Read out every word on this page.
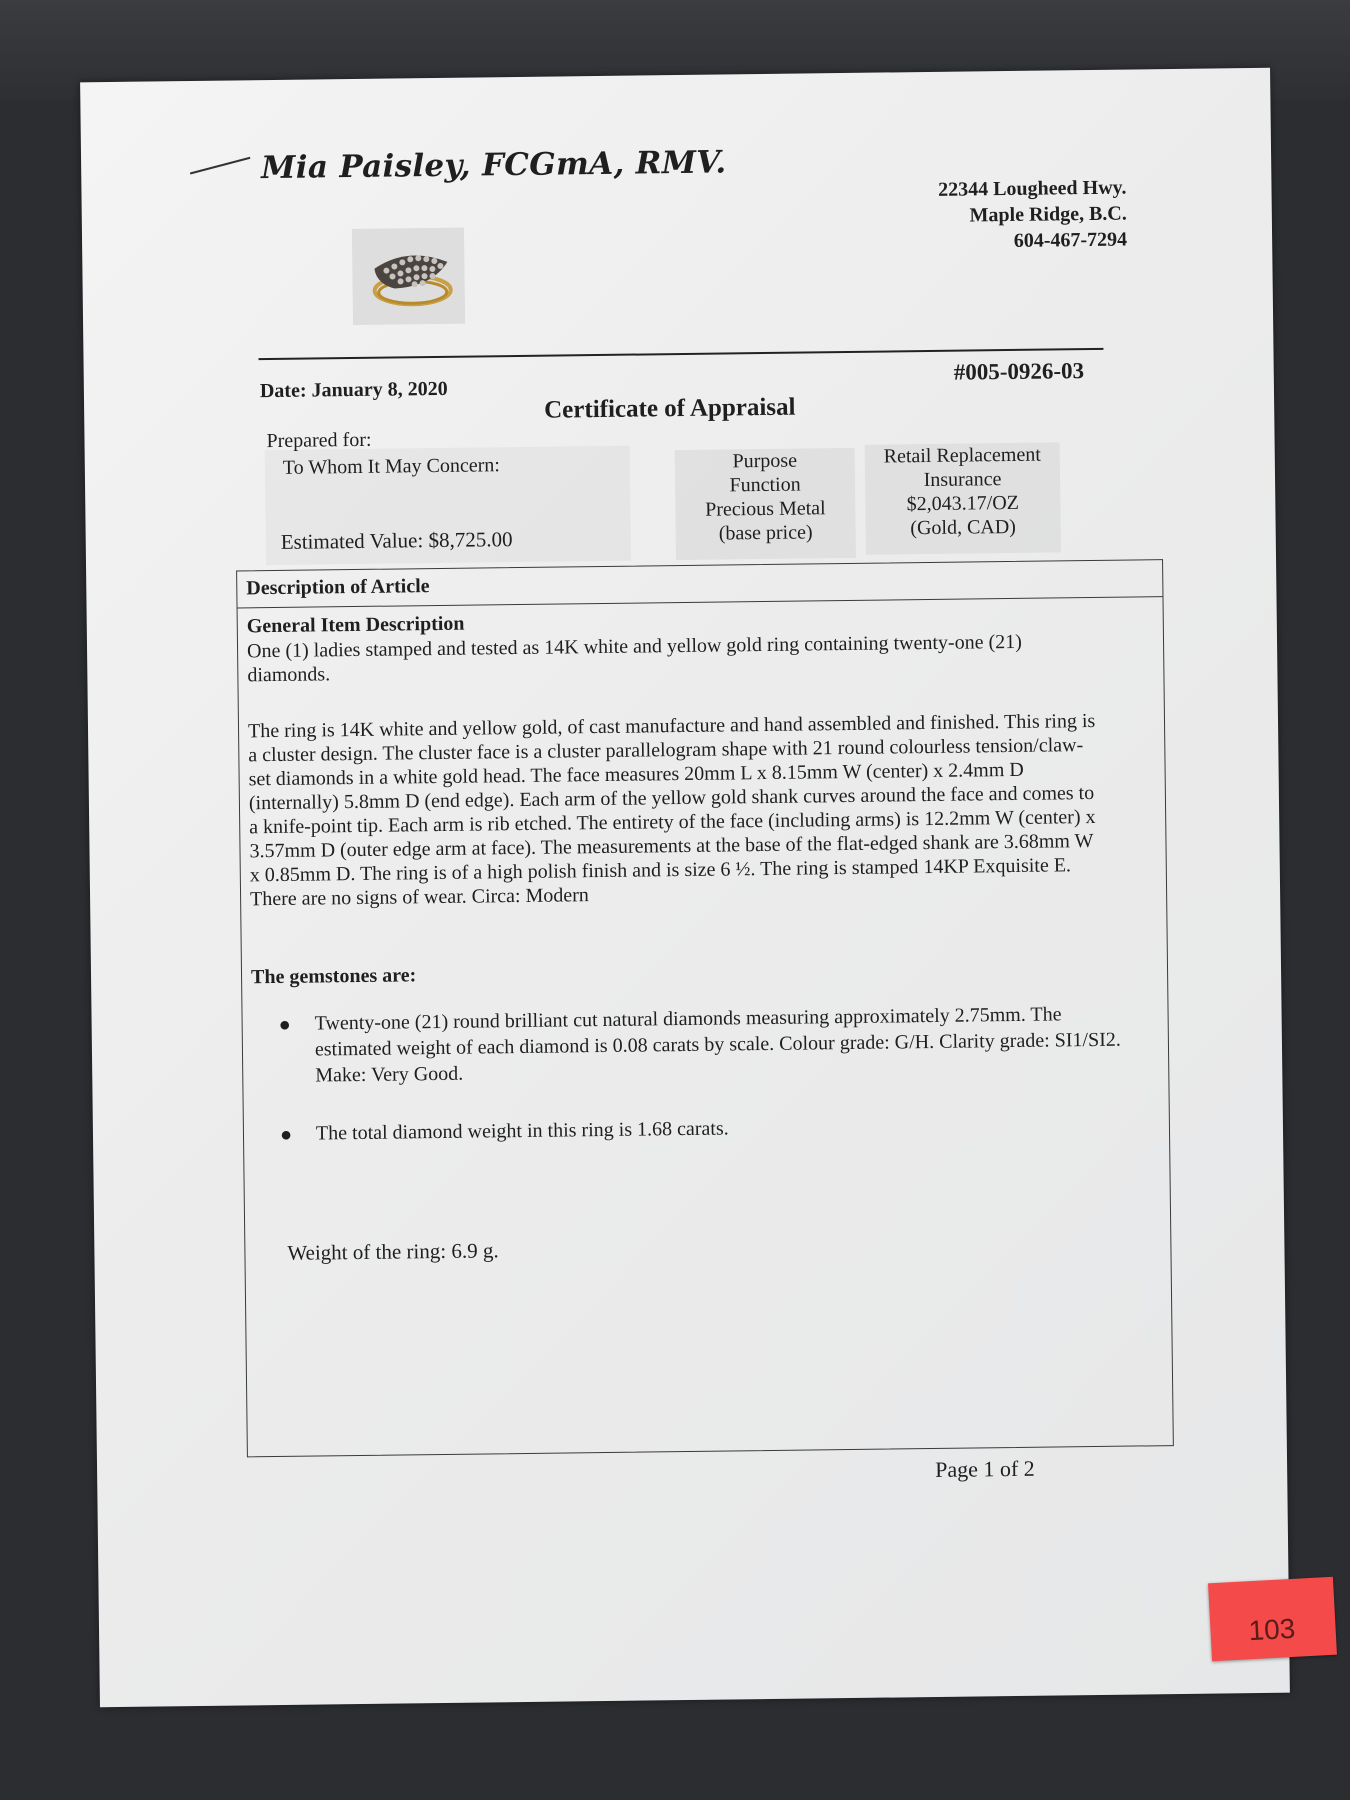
Mia Paisley, FCGmA, RMV.
22344 Lougheed Hwy.
Maple Ridge, B.C.
604-467-7294
#005-0926-03
Date: January 8, 2020
Certificate of Appraisal
Prepared for:
To Whom It May Concern:
Estimated Value: $8,725.00
Purpose
Function
Precious Metal
(base price)
Retail Replacement
Insurance
$2,043.17/OZ
(Gold, CAD)
Description of Article
General Item Description
One (1) ladies stamped and tested as 14K white and yellow gold ring containing twenty-one (21) diamonds.
The ring is 14K white and yellow gold, of cast manufacture and hand assembled and finished. This ring is a cluster design. The cluster face is a cluster parallelogram shape with 21 round colourless tension/claw-set diamonds in a white gold head. The face measures 20mm L x 8.15mm W (center) x 2.4mm D (internally) 5.8mm D (end edge). Each arm of the yellow gold shank curves around the face and comes to a knife-point tip. Each arm is rib etched. The entirety of the face (including arms) is 12.2mm W (center) x 3.57mm D (outer edge arm at face). The measurements at the base of the flat-edged shank are 3.68mm W x 0.85mm D. The ring is of a high polish finish and is size 6 ½. The ring is stamped 14KP Exquisite E. There are no signs of wear. Circa: Modern
The gemstones are:
● Twenty-one (21) round brilliant cut natural diamonds measuring approximately 2.75mm. The estimated weight of each diamond is 0.08 carats by scale. Colour grade: G/H. Clarity grade: SI1/SI2. Make: Very Good.
● The total diamond weight in this ring is 1.68 carats.
Weight of the ring: 6.9 g.
Page 1 of 2
103
